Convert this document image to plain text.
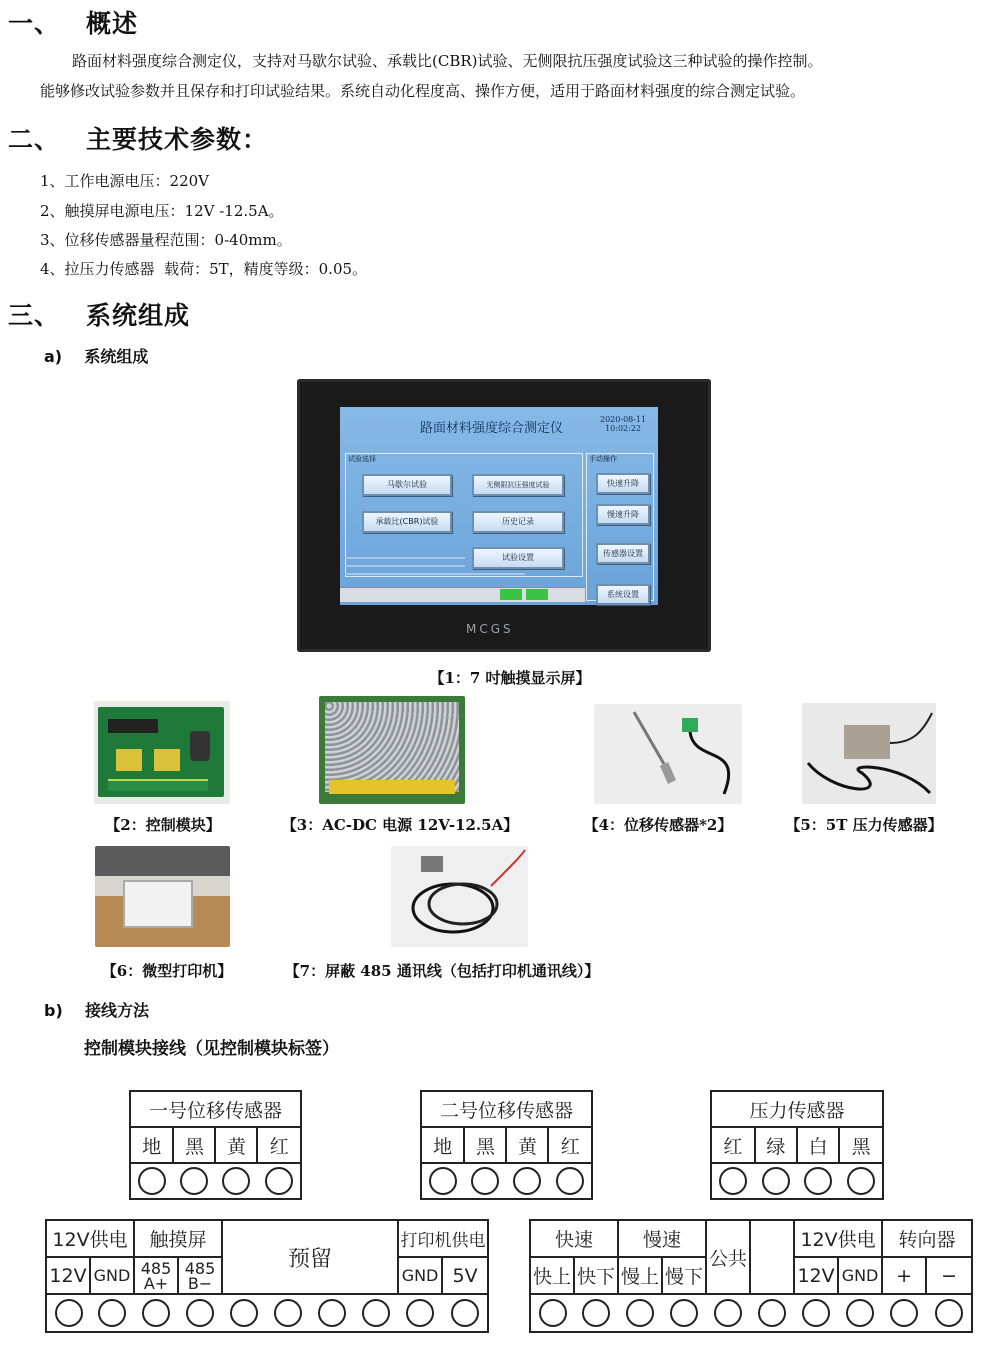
一、 概述
路面材料强度综合测定仪，支持对马歇尔试验、承载比(CBR)试验、无侧限抗压强度试验这三种试验的操作控制。
能够修改试验参数并且保存和打印试验结果。系统自动化程度高、操作方便，适用于路面材料强度的综合测定试验。
二、 主要技术参数：
1、工作电源电压：220V
2、触摸屏电源电压：12V -12.5A。
3、位移传感器量程范围：0-40mm。
4、拉压力传感器  载荷：5T，精度等级：0.05。
三、 系统组成
a) 系统组成
路面材料强度综合测定仪
2020-08-11
10:02:22
试验选择	手动操作
马歇尔试验	无侧限抗压强度试验
承载比(CBR)试验	历史记录
试验设置
快速升降
慢速升降
传感器设置
系统设置
MCGS
【1：7 吋触摸显示屏】
【2：控制模块】	【3：AC-DC 电源 12V-12.5A】	【4：位移传感器*2】	【5：5T 压力传感器】
【6：微型打印机】	【7：屏蔽 485 通讯线（包括打印机通讯线）】
b) 接线方法
控制模块接线（见控制模块标签）
一号位移传感器			
地	黑	黄	红

二号位移传感器			
地	黑	黄	红

压力传感器			
红	绿	白	黑

12V供电		触摸屏		预留				打印机供电	
12V	GND	485 A+	485 B−					GND	5V

快速		慢速		公共		12V供电		转向器	
快上	快下	慢上	慢下			12V	GND	+	−
